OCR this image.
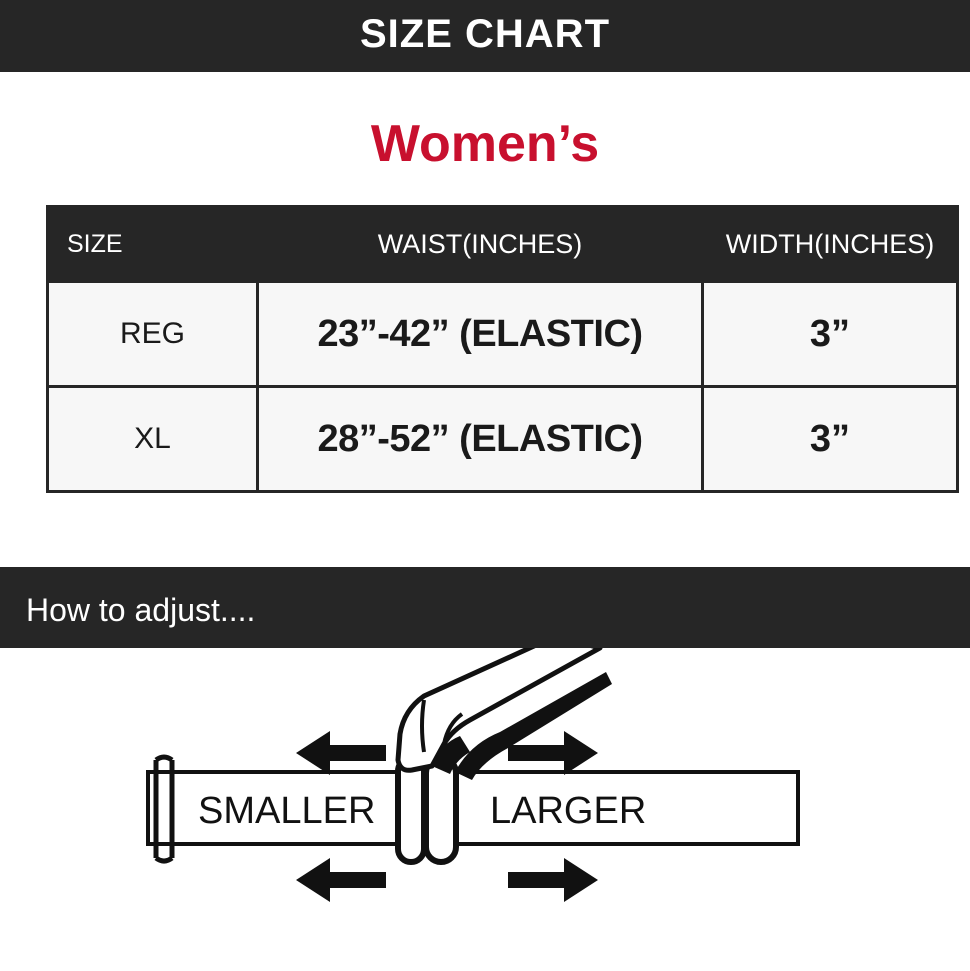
SIZE CHART
Women’s
SIZE	WAIST(INCHES)	WIDTH(INCHES)
REG	23”-42” (ELASTIC)	3”
XL	28”-52” (ELASTIC)	3”
How to adjust....
SMALLER	LARGER
